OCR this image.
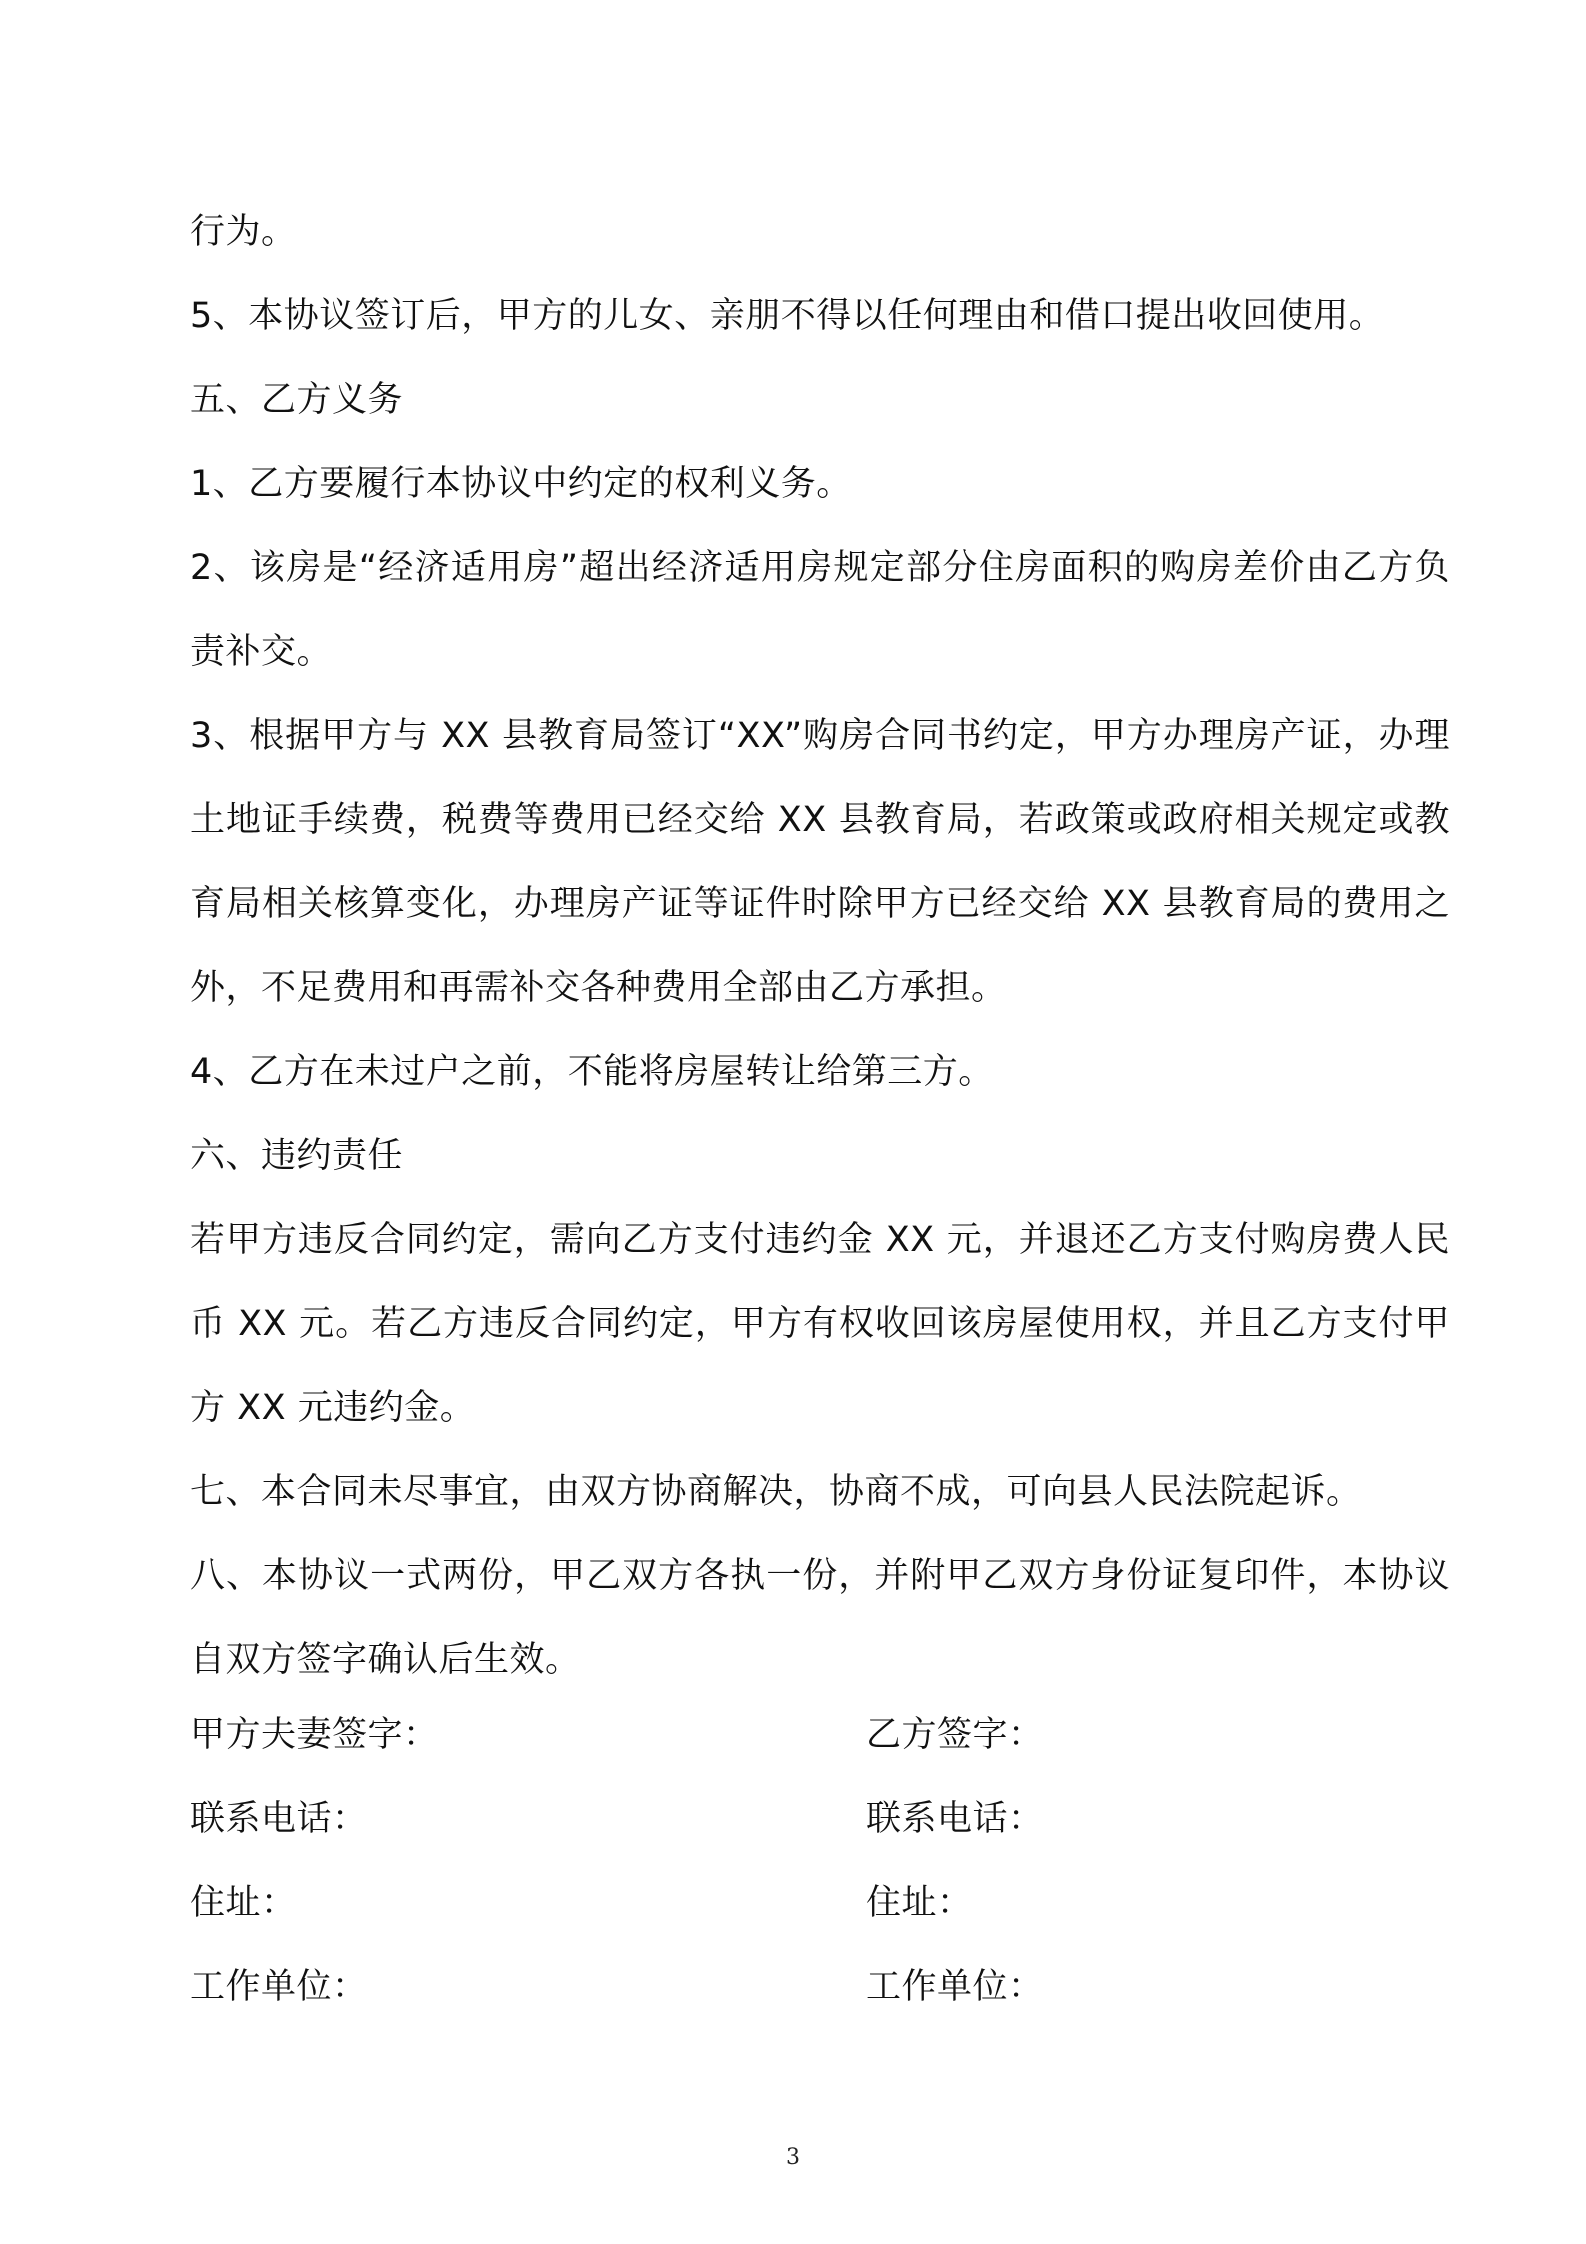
行为。

5、本协议签订后，甲方的儿女、亲朋不得以任何理由和借口提出收回使用。

五、乙方义务

1、乙方要履行本协议中约定的权利义务。

2、该房是“经济适用房”超出经济适用房规定部分住房面积的购房差价由乙方负责补交。

3、根据甲方与 XX 县教育局签订“XX”购房合同书约定，甲方办理房产证，办理土地证手续费，税费等费用已经交给 XX 县教育局，若政策或政府相关规定或教育局相关核算变化，办理房产证等证件时除甲方已经交给 XX 县教育局的费用之外，不足费用和再需补交各种费用全部由乙方承担。

4、乙方在未过户之前，不能将房屋转让给第三方。

六、违约责任

若甲方违反合同约定，需向乙方支付违约金 XX 元，并退还乙方支付购房费人民币 XX 元。若乙方违反合同约定，甲方有权收回该房屋使用权，并且乙方支付甲方 XX 元违约金。

七、本合同未尽事宜，由双方协商解决，协商不成，可向县人民法院起诉。

八、本协议一式两份，甲乙双方各执一份，并附甲乙双方身份证复印件，本协议自双方签字确认后生效。

甲方夫妻签字：	乙方签字：
联系电话：	联系电话：
住址：	住址：
工作单位：	工作单位：
3
